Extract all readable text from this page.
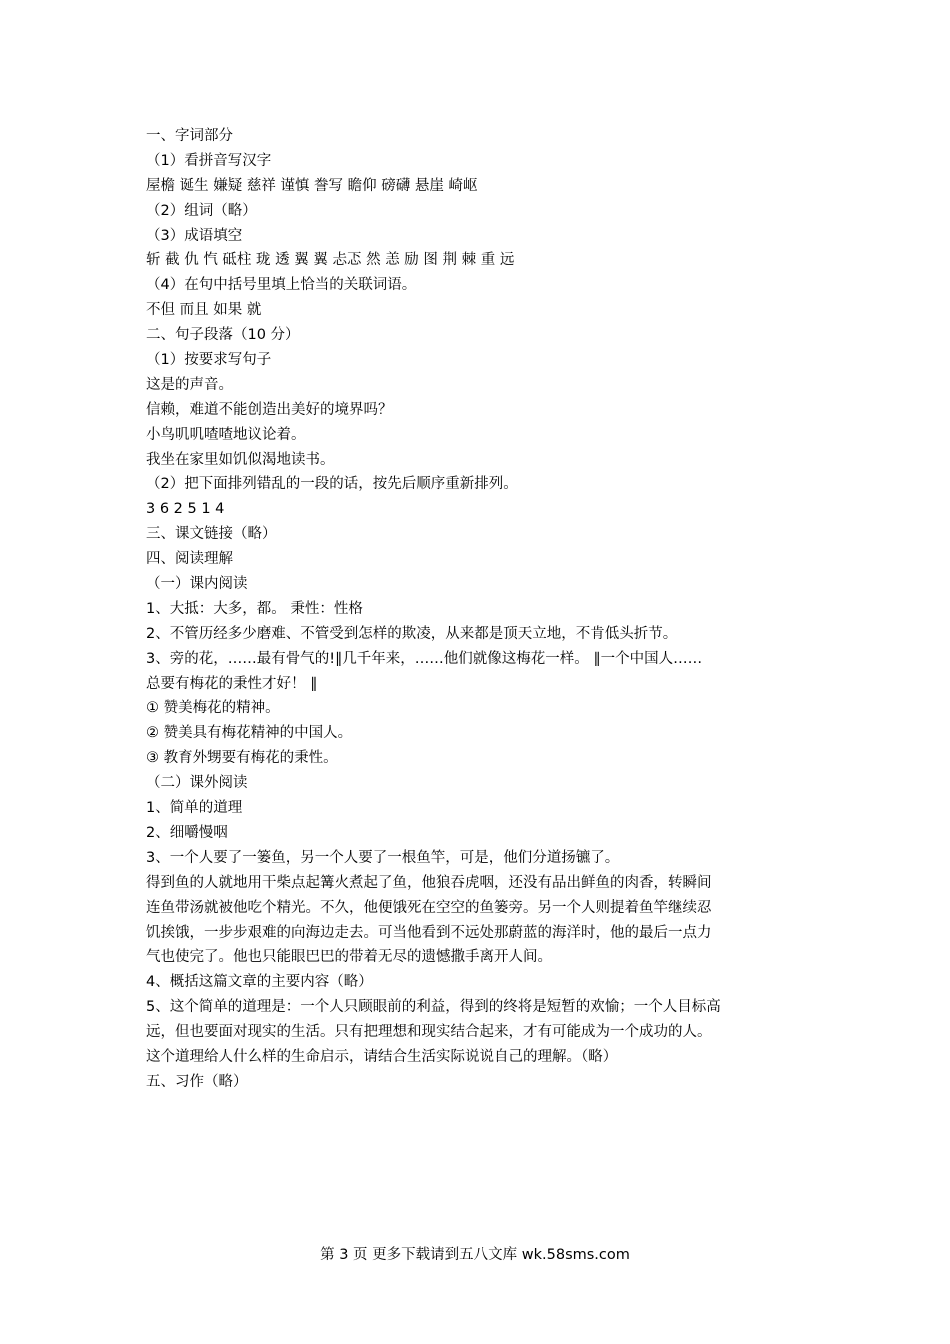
一、字词部分
（1）看拼音写汉字
屋檐 诞生 嫌疑 慈祥 谨慎 誊写 瞻仰 磅礴 悬崖 崎岖
（2）组词（略）
（3）成语填空
斩 截 仇 忾 砥柱 珑 透 翼 翼 忐忑 然 恙 励 图 荆 棘 重 远
（4）在句中括号里填上恰当的关联词语。
不但 而且 如果 就
二、句子段落（10 分）
（1）按要求写句子
这是的声音。
信赖，难道不能创造出美好的境界吗？
小鸟叽叽喳喳地议论着。
我坐在家里如饥似渴地读书。
（2）把下面排列错乱的一段的话，按先后顺序重新排列。
3 6 2 5 1 4
三、课文链接（略）
四、阅读理解
（一）课内阅读
1、大抵：大多，都。 秉性：性格
2、不管历经多少磨难、不管受到怎样的欺凌，从来都是顶天立地，不肯低头折节。
3、旁的花，……最有骨气的!∥几千年来，……他们就像这梅花一样。 ∥一个中国人……
总要有梅花的秉性才好！ ∥
① 赞美梅花的精神。
② 赞美具有梅花精神的中国人。
③ 教育外甥要有梅花的秉性。
（二）课外阅读
1、简单的道理
2、细嚼慢咽
3、一个人要了一篓鱼，另一个人要了一根鱼竿，可是，他们分道扬镳了。
得到鱼的人就地用干柴点起篝火煮起了鱼，他狼吞虎咽，还没有品出鲜鱼的肉香，转瞬间
连鱼带汤就被他吃个精光。不久，他便饿死在空空的鱼篓旁。另一个人则提着鱼竿继续忍
饥挨饿，一步步艰难的向海边走去。可当他看到不远处那蔚蓝的海洋时，他的最后一点力
气也使完了。他也只能眼巴巴的带着无尽的遗憾撒手离开人间。
4、概括这篇文章的主要内容（略）
5、这个简单的道理是：一个人只顾眼前的利益，得到的终将是短暂的欢愉；一个人目标高
远，但也要面对现实的生活。只有把理想和现实结合起来，才有可能成为一个成功的人。
这个道理给人什么样的生命启示，请结合生活实际说说自己的理解。（略）
五、习作（略）
第 3 页 更多下载请到五八文库 wk.58sms.com
